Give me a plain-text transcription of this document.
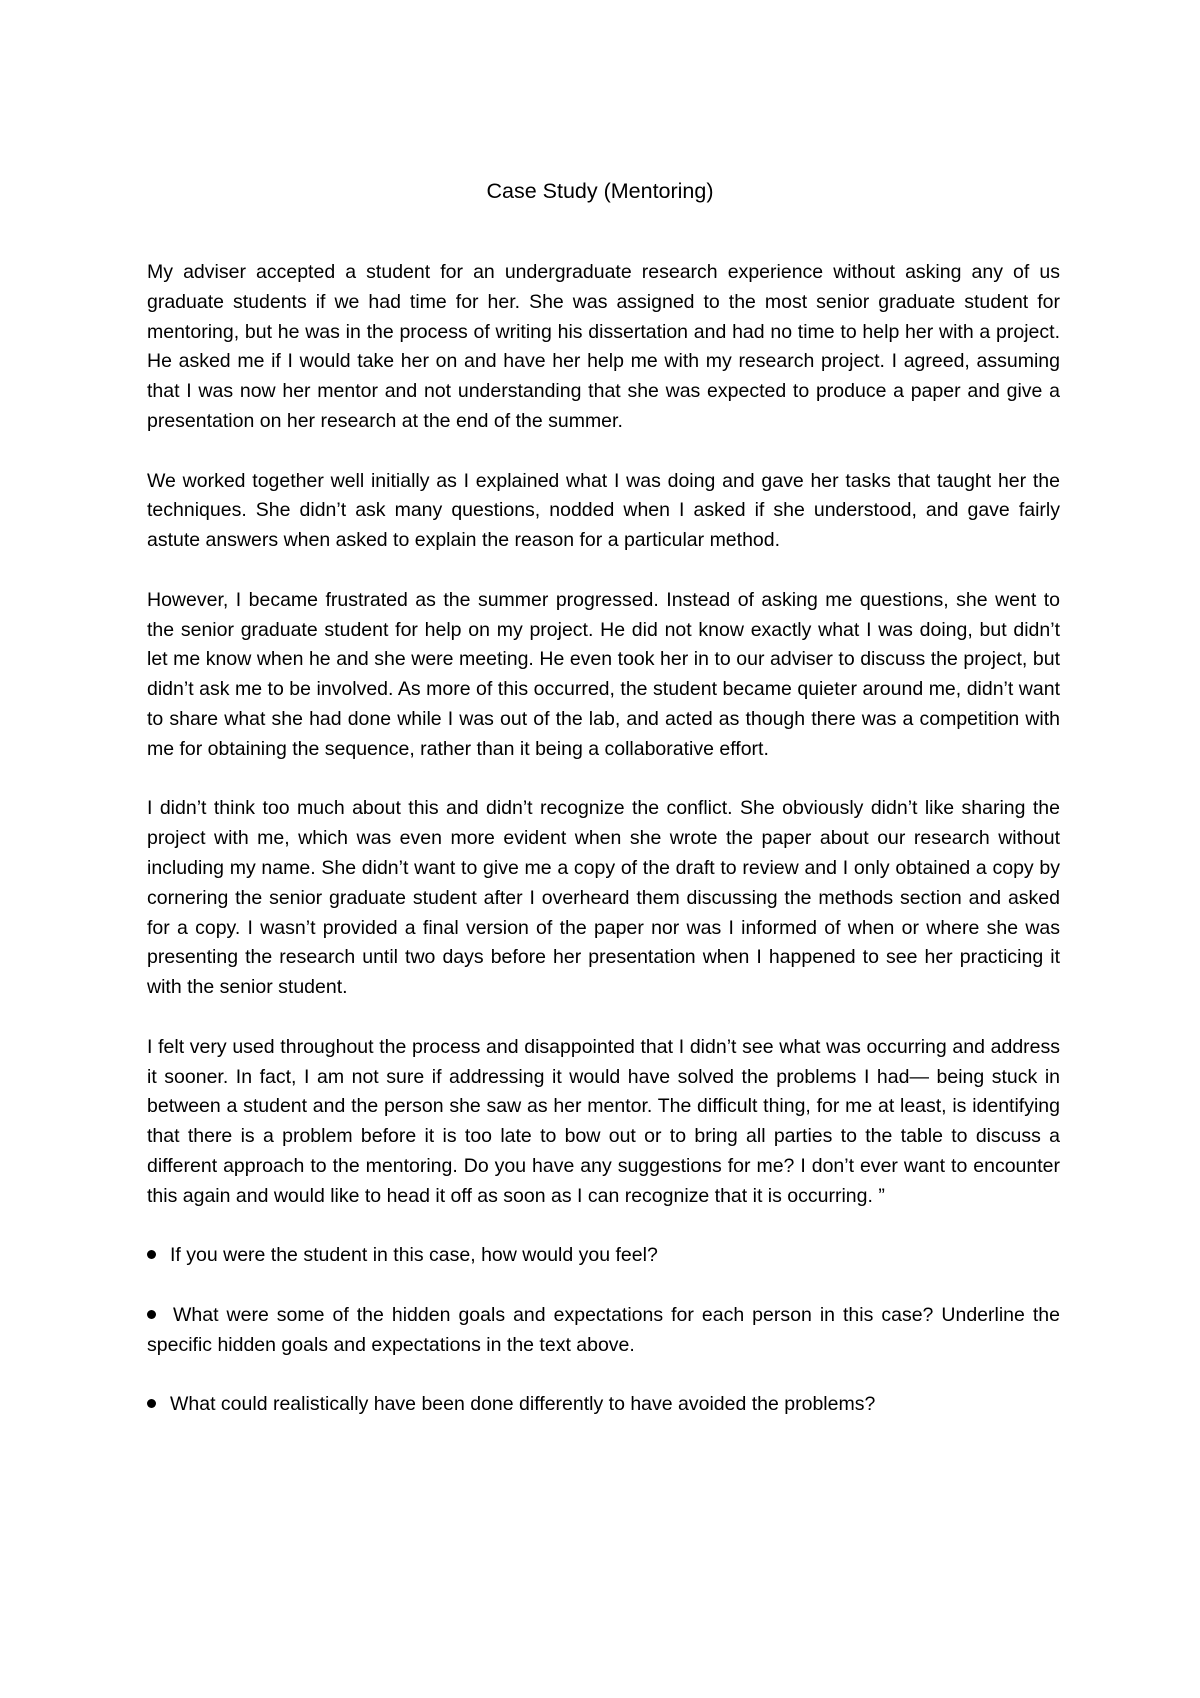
Case Study (Mentoring)

My adviser accepted a student for an undergraduate research experience without asking any of us graduate students if we had time for her. She was assigned to the most senior graduate student for mentoring, but he was in the process of writing his dissertation and had no time to help her with a project. He asked me if I would take her on and have her help me with my research project. I agreed, assuming that I was now her mentor and not understanding that she was expected to produce a paper and give a presentation on her research at the end of the summer.

We worked together well initially as I explained what I was doing and gave her tasks that taught her the techniques. She didn’t ask many questions, nodded when I asked if she understood, and gave fairly astute answers when asked to explain the reason for a particular method.

However, I became frustrated as the summer progressed. Instead of asking me questions, she went to the senior graduate student for help on my project. He did not know exactly what I was doing, but didn’t let me know when he and she were meeting. He even took her in to our adviser to discuss the project, but didn’t ask me to be involved. As more of this occurred, the student became quieter around me, didn’t want to share what she had done while I was out of the lab, and acted as though there was a competition with me for obtaining the sequence, rather than it being a collaborative effort.

I didn’t think too much about this and didn’t recognize the conflict. She obviously didn’t like sharing the project with me, which was even more evident when she wrote the paper about our research without including my name. She didn’t want to give me a copy of the draft to review and I only obtained a copy by cornering the senior graduate student after I overheard them discussing the methods section and asked for a copy. I wasn’t provided a final version of the paper nor was I informed of when or where she was presenting the research until two days before her presentation when I happened to see her practicing it with the senior student.

I felt very used throughout the process and disappointed that I didn’t see what was occurring and address it sooner. In fact, I am not sure if addressing it would have solved the problems I had— being stuck in between a student and the person she saw as her mentor. The difficult thing, for me at least, is identifying that there is a problem before it is too late to bow out or to bring all parties to the table to discuss a different approach to the mentoring. Do you have any suggestions for me? I don’t ever want to encounter this again and would like to head it off as soon as I can recognize that it is occurring. ”

If you were the student in this case, how would you feel?
What were some of the hidden goals and expectations for each person in this case? Underline the specific hidden goals and expectations in the text above.
What could realistically have been done differently to have avoided the problems?
